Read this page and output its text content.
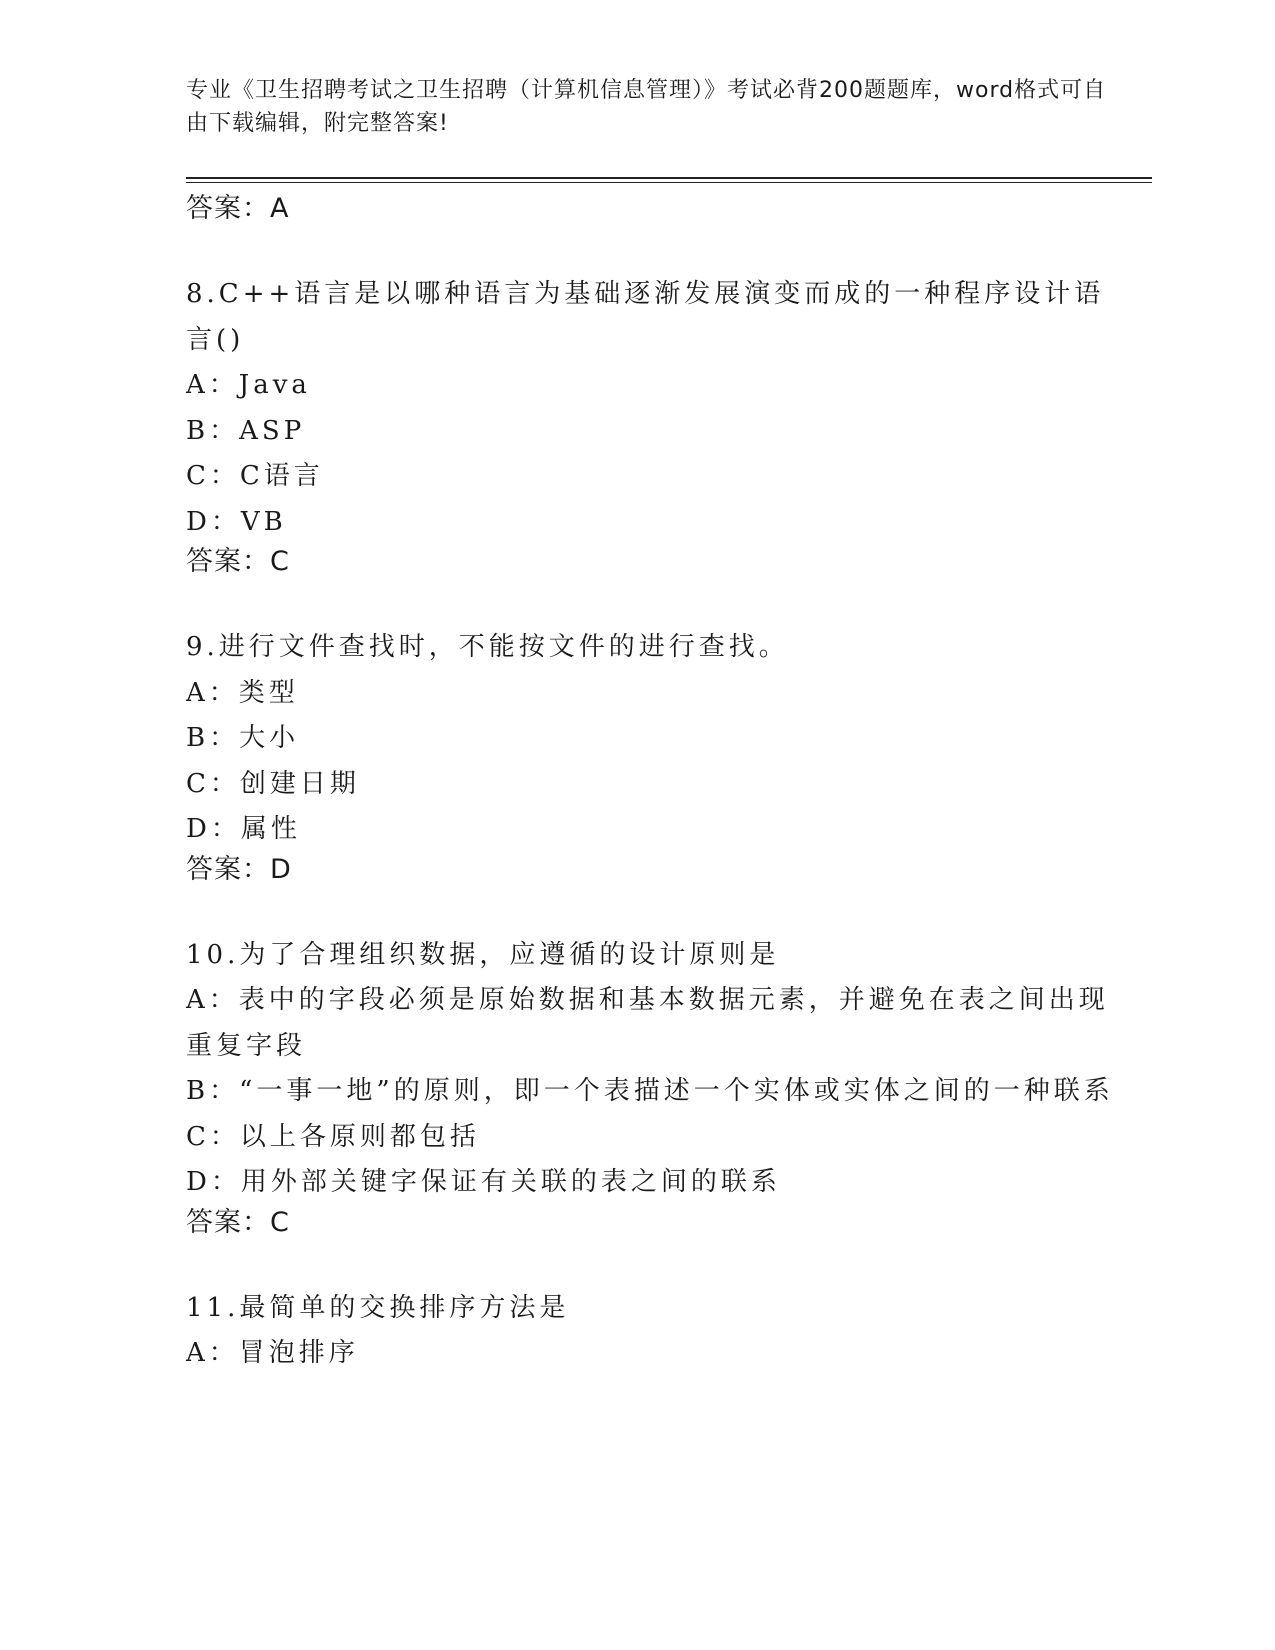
专业《卫生招聘考试之卫生招聘（计算机信息管理）》考试必背200题题库，word格式可自由下载编辑，附完整答案!
答案：A
8.C++语言是以哪种语言为基础逐渐发展演变而成的一种程序设计语言()
A：Java
B：ASP
C：C语言
D：VB
答案：C
9.进行文件查找时，不能按文件的进行查找。
A：类型
B：大小
C：创建日期
D：属性
答案：D
10.为了合理组织数据，应遵循的设计原则是
A：表中的字段必须是原始数据和基本数据元素，并避免在表之间出现重复字段
B：“一事一地”的原则，即一个表描述一个实体或实体之间的一种联系
C：以上各原则都包括
D：用外部关键字保证有关联的表之间的联系
答案：C
11.最简单的交换排序方法是
A：冒泡排序
